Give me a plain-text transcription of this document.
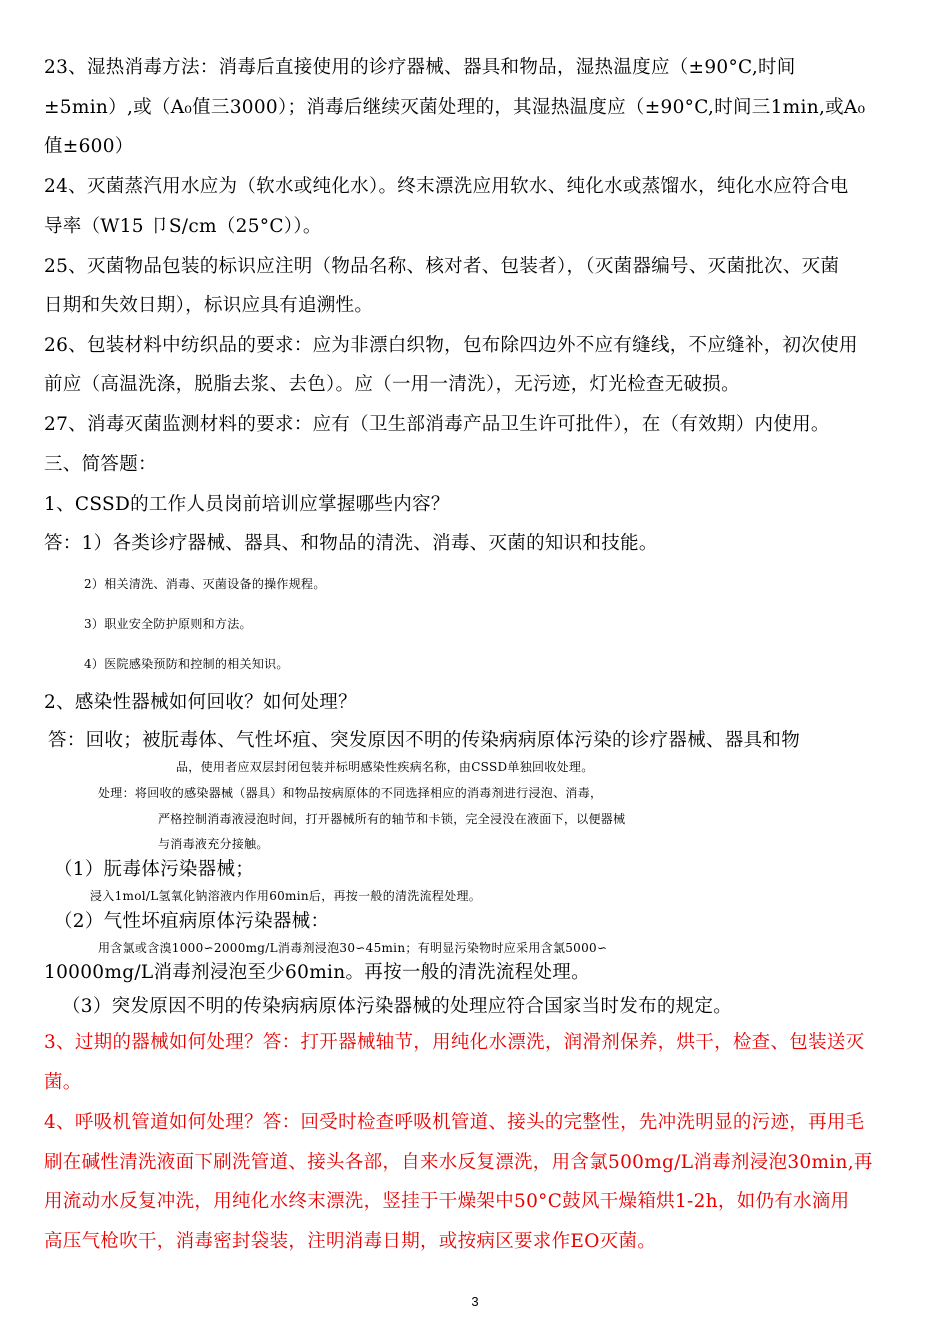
23、湿热消毒方法：消毒后直接使用的诊疗器械、器具和物品，湿热温度应（±90°C,时间
±5min）,或（A₀值三3000）；消毒后继续灭菌处理的，其湿热温度应（±90°C,时间三1min,或A₀
值±600）
24、灭菌蒸汽用水应为（软水或纯化水）。终末漂洗应用软水、纯化水或蒸馏水，纯化水应符合电
导率（W15 卩S/cm（25°C））。
25、灭菌物品包装的标识应注明（物品名称、核对者、包装者），（灭菌器编号、灭菌批次、灭菌
日期和失效日期），标识应具有追溯性。
26、包装材料中纺织品的要求：应为非漂白织物，包布除四边外不应有缝线，不应缝补，初次使用
前应（高温洗涤，脱脂去浆、去色）。应（一用一清洗），无污迹，灯光检查无破损。
27、消毒灭菌监测材料的要求：应有（卫生部消毒产品卫生许可批件），在（有效期）内使用。
三、简答题：
1、CSSD的工作人员岗前培训应掌握哪些内容？
答：1）各类诊疗器械、器具、和物品的清洗、消毒、灭菌的知识和技能。
2）相关清洗、消毒、灭菌设备的操作规程。
3）职业安全防护原则和方法。
4）医院感染预防和控制的相关知识。
2、感染性器械如何回收？如何处理？
答：回收；被朊毒体、气性坏疽、突发原因不明的传染病病原体污染的诊疗器械、器具和物
品，使用者应双层封闭包装并标明感染性疾病名称，由CSSD单独回收处理。
处理：将回收的感染器械（器具）和物品按病原体的不同选择相应的消毒剂进行浸泡、消毒，
严格控制消毒液浸泡时间，打开器械所有的轴节和卡锁，完全浸没在液面下，以便器械
与消毒液充分接触。
（1）朊毒体污染器械；
浸入1mol/L氢氧化钠溶液内作用60min后，再按一般的清洗流程处理。
（2）气性坏疽病原体污染器械：
用含氯或含溴1000∽2000mg/L消毒剂浸泡30∽45min；有明显污染物时应采用含氯5000∽
10000mg/L消毒剂浸泡至少60min。再按一般的清洗流程处理。
（3）突发原因不明的传染病病原体污染器械的处理应符合国家当时发布的规定。
3、过期的器械如何处理？答：打开器械轴节，用纯化水漂洗，润滑剂保养，烘干，检查、包装送灭
菌。
4、呼吸机管道如何处理？答：回受时检查呼吸机管道、接头的完整性，先冲洗明显的污迹，再用毛
刷在碱性清洗液面下刷洗管道、接头各部，自来水反复漂洗，用含氯500mg/L消毒剂浸泡30min,再
用流动水反复冲洗，用纯化水终末漂洗，竖挂于干燥架中50°C鼓风干燥箱烘1-2h，如仍有水滴用
高压气枪吹干，消毒密封袋装，注明消毒日期，或按病区要求作EO灭菌。
3
